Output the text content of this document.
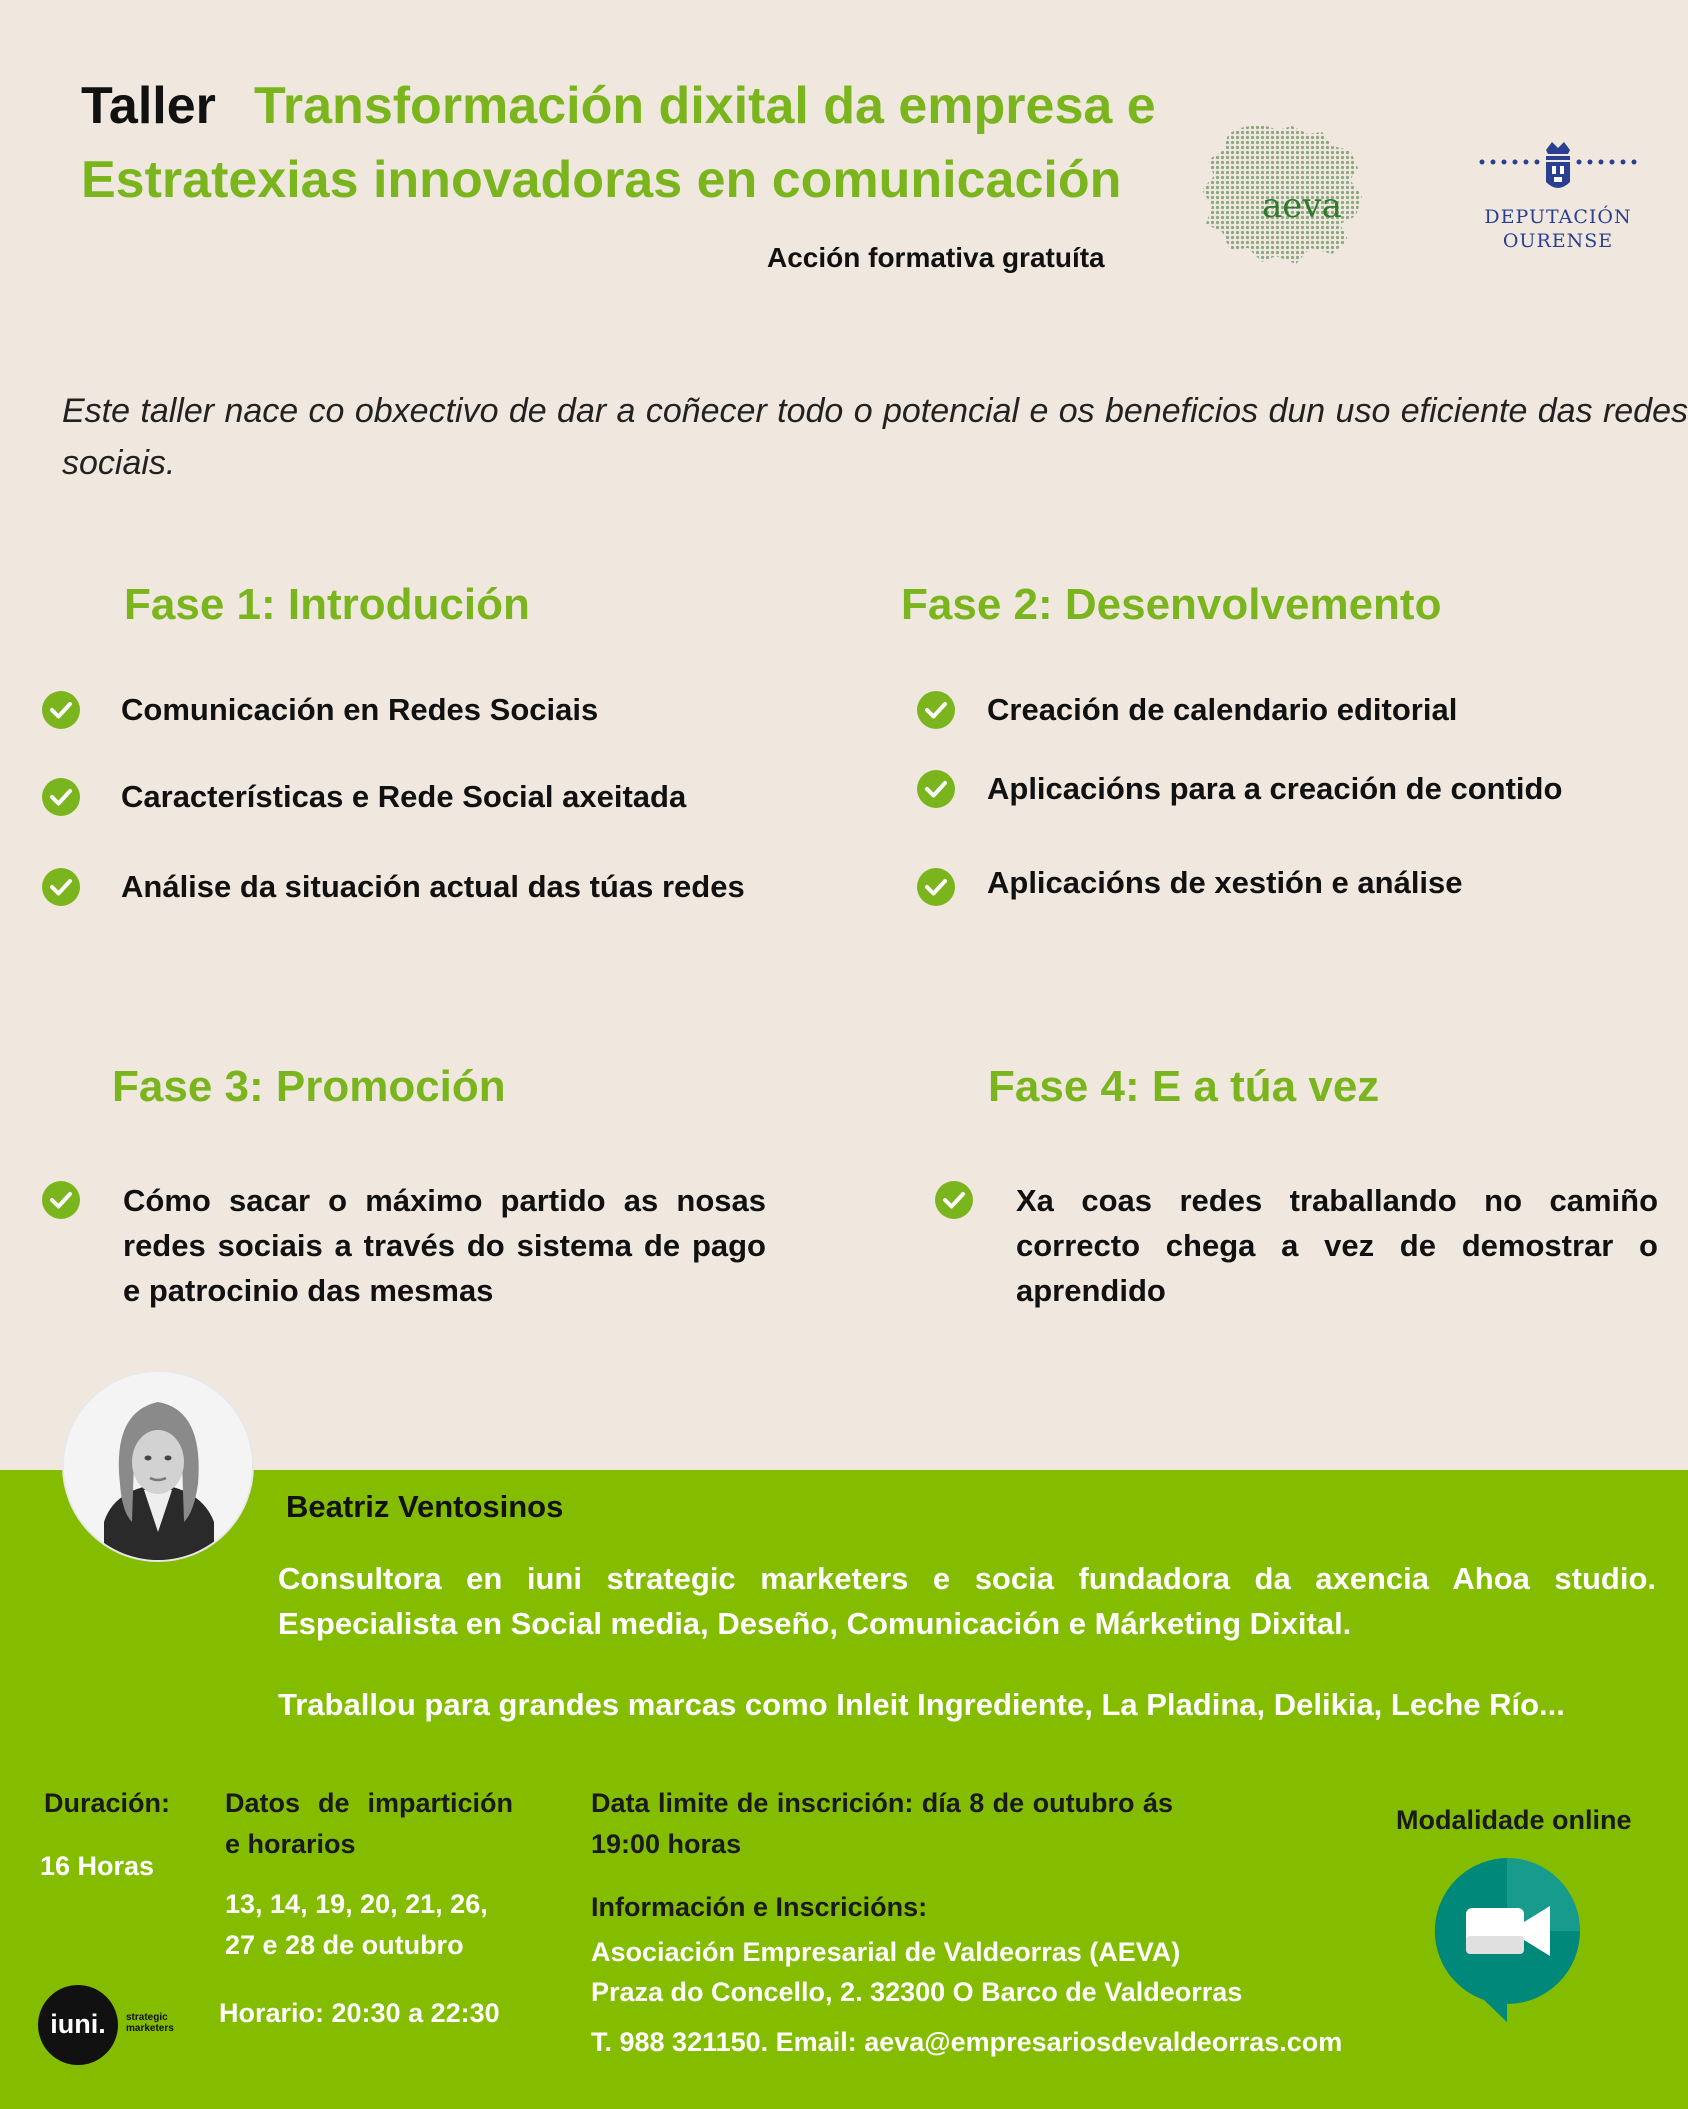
Taller Transformación dixital da empresa e
Estratexias innovadoras en comunicación
Acción formativa gratuíta
aeva	DEPUTACIÓN
OURENSE
Este taller nace co obxectivo de dar a coñecer todo o potencial e os beneficios dun uso eficiente das redes sociais.
Fase 1: Introdución
Comunicación en Redes Sociais
Características e Rede Social axeitada
Análise da situación actual das túas redes
Fase 2: Desenvolvemento
Creación de calendario editorial
Aplicacións para a creación de contido
Aplicacións de xestión e análise
Fase 3: Promoción
Cómo sacar o máximo partido as nosas redes sociais a través do sistema de pago e patrocinio das mesmas
Fase 4: E a túa vez
Xa coas redes traballando no camiño correcto chega a vez de demostrar o aprendido
Beatriz Ventosinos
Consultora en iuni strategic marketers e socia fundadora da axencia Ahoa studio. Especialista en Social media, Deseño, Comunicación e Márketing Dixital.
Traballou para grandes marcas como Inleit Ingrediente, La Pladina, Delikia, Leche Río...
Duración:
16 Horas
Datos de impartición e horarios
13, 14, 19, 20, 21, 26, 27 e 28 de outubro
Horario: 20:30 a 22:30
Data limite de inscrición: día 8 de outubro ás 19:00 horas
Información e Inscricións:
Asociación Empresarial de Valdeorras (AEVA)
Praza do Concello, 2. 32300 O Barco de Valdeorras
T. 988 321150. Email: aeva@empresariosdevaldeorras.com
Modalidade online
iuni.	strategic
marketers
